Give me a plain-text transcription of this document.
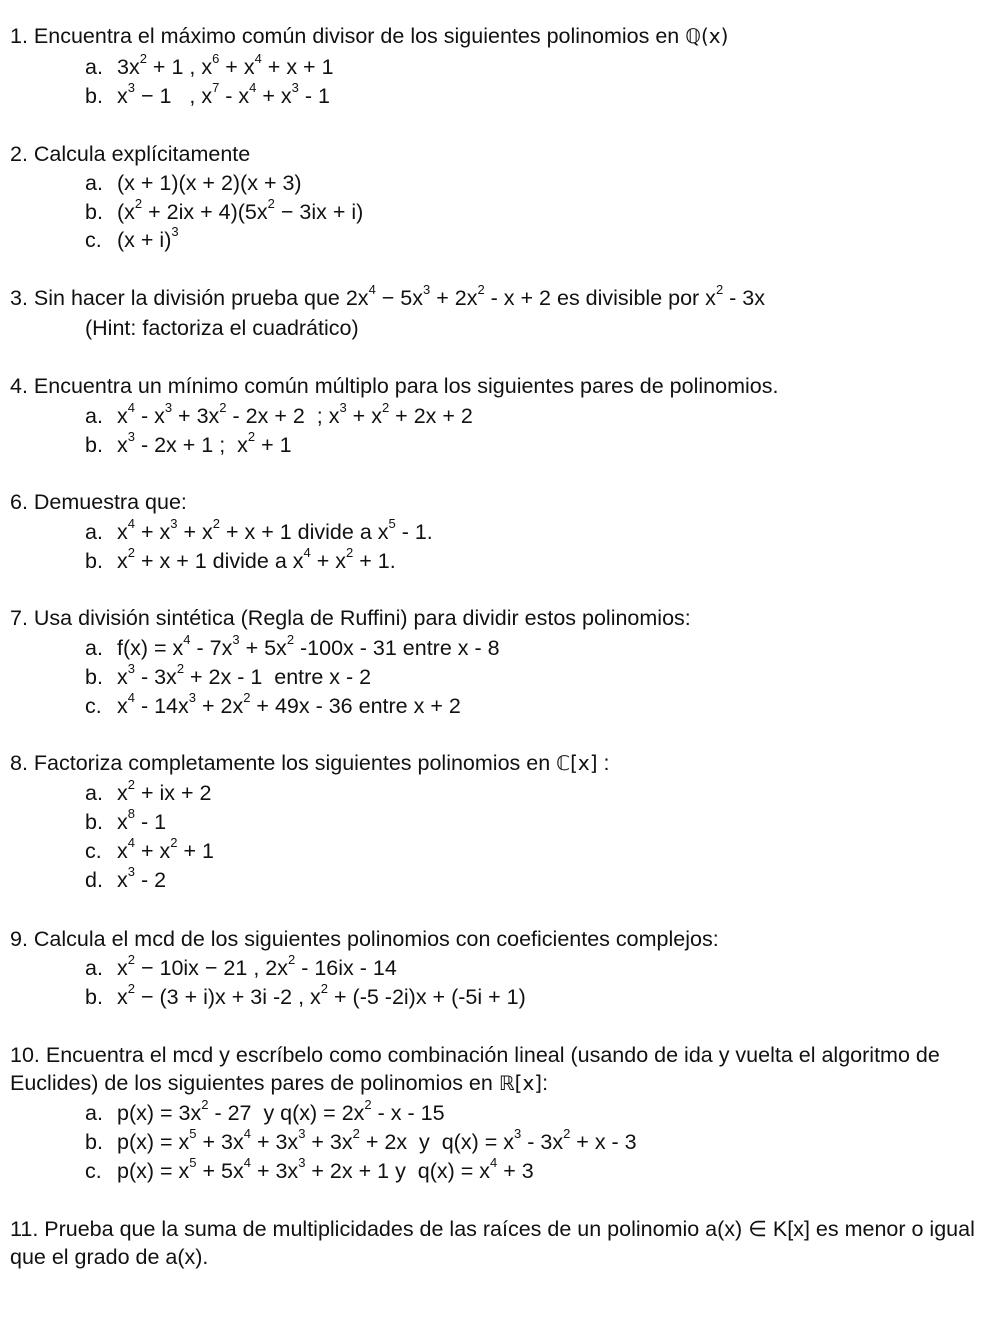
1. Encuentra el máximo común divisor de los siguientes polinomios en ℚ(x)
a. $3x^2 + 1$ , $x^6 + x^4 + x + 1$
b. $x^3 - 1$   , $x^7 - x^4 + x^3 - 1$
2. Calcula explícitamente
a. (x + 1)(x + 2)(x + 3)
b. $(x^2 + 2ix + 4)(5x^2 - 3ix + i)$
c. $(x + i)^3$
3. Sin hacer la división prueba que $2x^4 - 5x^3 + 2x^2 - x + 2$ es divisible por $x^2 - 3x$
(Hint: factoriza el cuadrático)
4. Encuentra un mínimo común múltiplo para los siguientes pares de polinomios.
a. $x^4 - x^3 + 3x^2 - 2x + 2$  ; $x^3 + x^2 + 2x + 2$
b. $x^3 - 2x + 1$ ;  $x^2 + 1$
6. Demuestra que:
a. $x^4 + x^3 + x^2 + x + 1$ divide a $x^5 - 1$.
b. $x^2 + x + 1$ divide a $x^4 + x^2 + 1$.
7. Usa división sintética (Regla de Ruffini) para dividir estos polinomios:
a. $f(x) = x^4 - 7x^3 + 5x^2$ -100x - 31 entre x - 8
b. $x^3 - 3x^2 + 2x - 1$  entre x - 2
c. $x^4 - 14x^3 + 2x^2 + 49x - 36$ entre x + 2
8. Factoriza completamente los siguientes polinomios en ℂ[x] :
a. $x^2$ + ix + 2
b. $x^8 - 1$
c. $x^4 + x^2 + 1$
d. $x^3 - 2$
9. Calcula el mcd de los siguientes polinomios con coeficientes complejos:
a. $x^2 - 10ix - 21$ , $2x^2 - 16ix - 14$
b. $x^2 - (3 + i)x + 3i$ -2 , $x^2 + (-5$ -2i)x + (-5i + 1)
10. Encuentra el mcd y escríbelo como combinación lineal (usando de ida y vuelta el algoritmo de Euclides) de los siguientes pares de polinomios en ℝ[x]:
a. $p(x) = 3x^2 - 27$  y $q(x) = 2x^2 - x - 15$
b. $p(x) = x^5 + 3x^4 + 3x^3 + 3x^2 + 2x$  y  $q(x) = x^3 - 3x^2 + x - 3$
c. $p(x) = x^5 + 5x^4 + 3x^3 + 2x + 1$ y  $q(x) = x^4 + 3$
11. Prueba que la suma de multiplicidades de las raíces de un polinomio a(x) ∈ K[x] es menor o igual que el grado de a(x).
